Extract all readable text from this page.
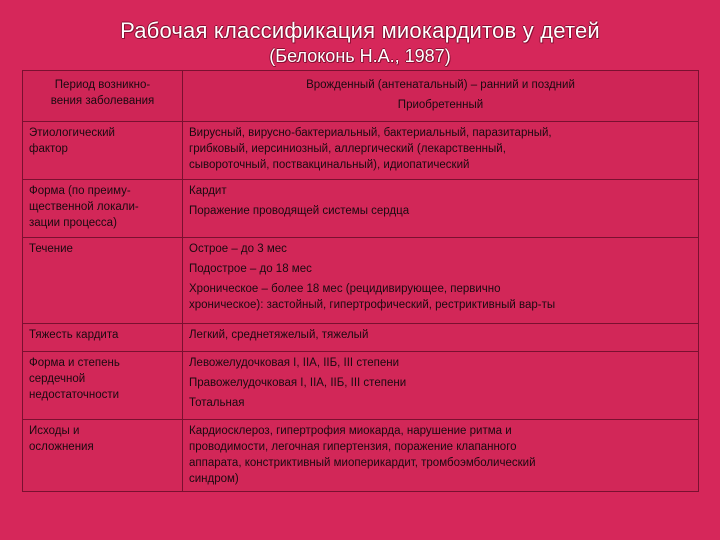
Рабочая классификация миокардитов у детей
(Белоконь Н.А., 1987)
Период возникно-
вения заболевания	Врожденный (антенатальный) – ранний и поздний
Приобретенный

Этиологический
фактор	Вирусный, вирусно-бактериальный, бактериальный, паразитарный,
грибковый, иерсиниозный, аллергический (лекарственный,
сывороточный, поствакцинальный), идиопатический

Форма (по преиму-
щественной локали-
зации процесса)	Кардит
Поражение проводящей системы сердца

Течение	Острое – до 3 мес
Подострое – до 18 мес
Хроническое – более 18 мес (рецидивирующее, первично
хроническое): застойный, гипертрофический, рестриктивный вар-ты

Тяжесть кардита	Легкий, среднетяжелый, тяжелый

Форма и степень
сердечной
недостаточности	Левожелудочковая I, IIА, IIБ, III степени
Правожелудочковая I, IIА, IIБ, III степени
Тотальная

Исходы и
осложнения	Кардиосклероз, гипертрофия миокарда, нарушение ритма и
проводимости, легочная гипертензия, поражение клапанного
аппарата, констриктивный миоперикардит, тромбоэмболический
синдром)
